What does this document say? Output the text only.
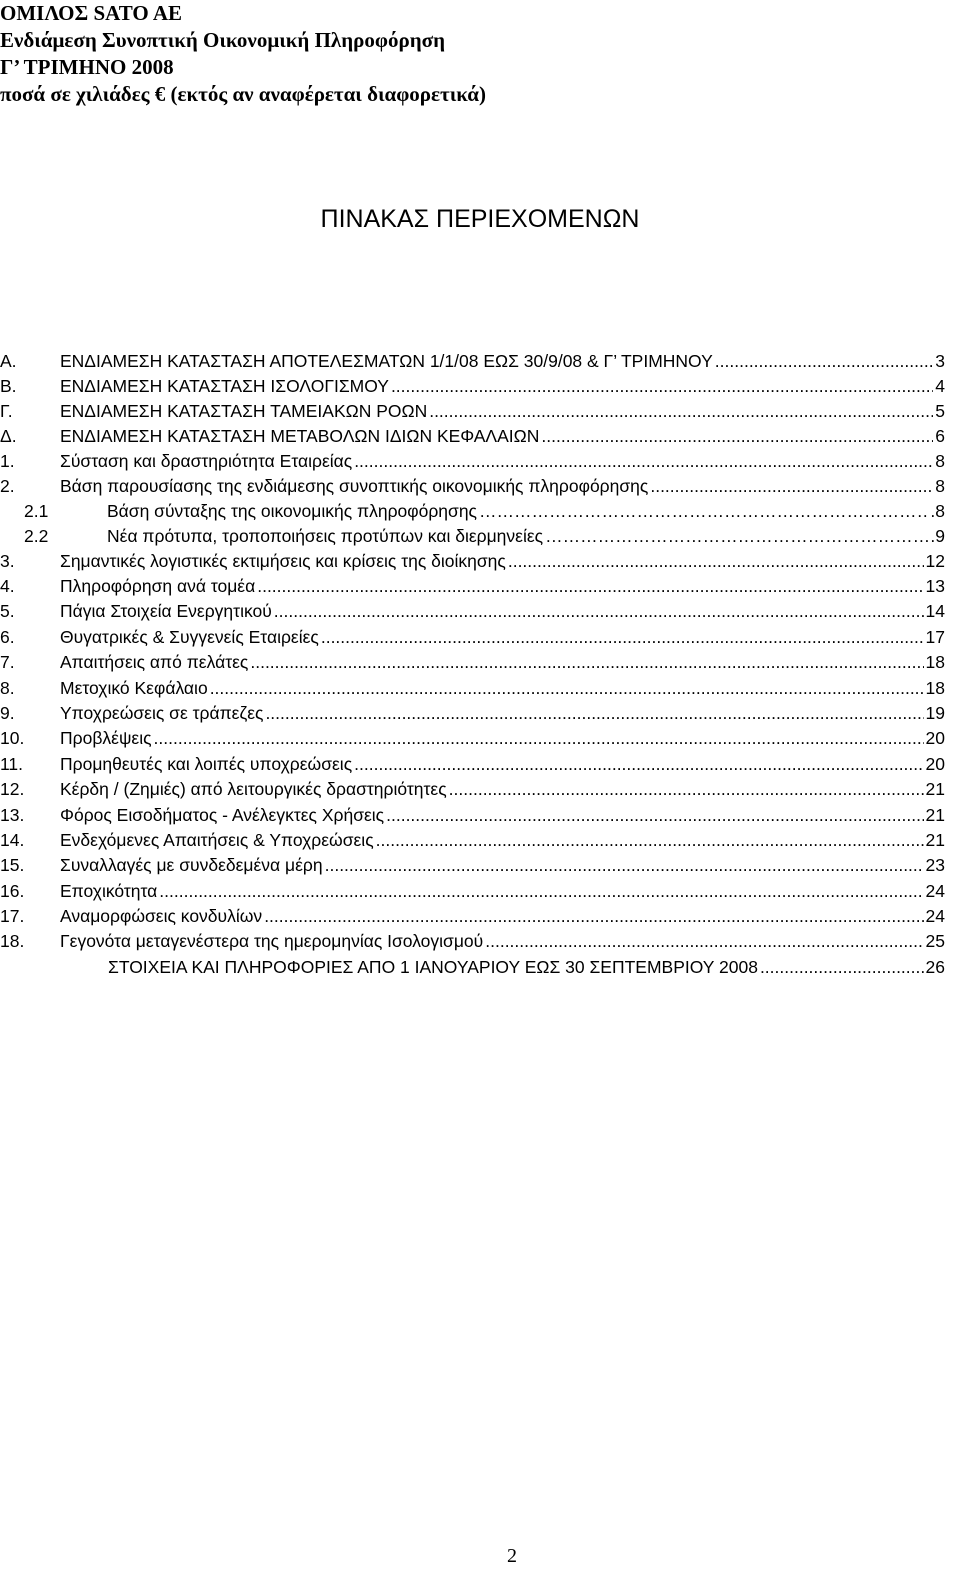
ΟΜΙΛΟΣ SATO AE
Ενδιάμεση Συνοπτική Οικονομική Πληροφόρηση
Γ’ ΤΡΙΜΗΝΟ 2008
ποσά σε χιλιάδες € (εκτός αν αναφέρεται διαφορετικά)
ΠΙΝΑΚΑΣ ΠΕΡΙΕΧΟΜΕΝΩΝ
Α. ΕΝΔΙΑΜΕΣΗ ΚΑΤΑΣΤΑΣΗ ΑΠΟΤΕΛΕΣΜΑΤΩΝ 1/1/08 ΕΩΣ 30/9/08 & Γ’ ΤΡΙΜΗΝΟΥ .....	3
Β. ΕΝΔΙΑΜΕΣΗ ΚΑΤΑΣΤΑΣΗ ΙΣΟΛΟΓΙΣΜΟΥ .....	4
Γ.	ΕΝΔΙΑΜΕΣΗ ΚΑΤΑΣΤΑΣΗ ΤΑΜΕΙΑΚΩΝ ΡΟΩΝ .....	5
Δ. ΕΝΔΙΑΜΕΣΗ ΚΑΤΑΣΤΑΣΗ ΜΕΤΑΒΟΛΩΝ ΙΔΙΩΝ ΚΕΦΑΛΑΙΩΝ .....	6
1.	Σύσταση και δραστηριότητα Εταιρείας .....	8
2.	Βάση παρουσίασης της ενδιάμεσης συνοπτικής οικονομικής πληροφόρησης .....	8
2.1	Βάση σύνταξης της οικονομικής πληροφόρησης ……………………………………………………………………………………………………………………………………………………………………………………	.8
2.2	Νέα πρότυπα, τροποποιήσεις προτύπων και διερμηνείες ……………………………………………………………………………………………………………………………………………………………………………………	.9
3.	Σημαντικές λογιστικές εκτιμήσεις και κρίσεις της διοίκησης .....	12
4.	Πληροφόρηση ανά τομέα .....	13
5.	Πάγια Στοιχεία Ενεργητικού .....	14
6.	Θυγατρικές & Συγγενείς Εταιρείες .....	17
7.	Απαιτήσεις από πελάτες .....	18
8.	Μετοχικό Κεφάλαιο .....	18
9.	Υποχρεώσεις σε τράπεζες .....	19
10. Προβλέψεις .....	20
11. Προμηθευτές και λοιπές υποχρεώσεις .....	20
12. Κέρδη / (Ζημιές) από λειτουργικές δραστηριότητες .....	21
13. Φόρος Εισοδήματος - Ανέλεγκτες Χρήσεις .....	21
14. Ενδεχόμενες Απαιτήσεις & Υποχρεώσεις .....	21
15. Συναλλαγές με συνδεδεμένα μέρη .....	23
16. Εποχικότητα .....	24
17. Αναμορφώσεις κονδυλίων .....	24
18. Γεγονότα μεταγενέστερα της ημερομηνίας Ισολογισμού .....	25
ΣΤΟΙΧΕΙΑ ΚΑΙ ΠΛΗΡΟΦΟΡΙΕΣ ΑΠΟ 1 ΙΑΝΟΥΑΡΙΟΥ ΕΩΣ 30 ΣΕΠΤΕΜΒΡΙΟΥ 2008 .....	26
2
